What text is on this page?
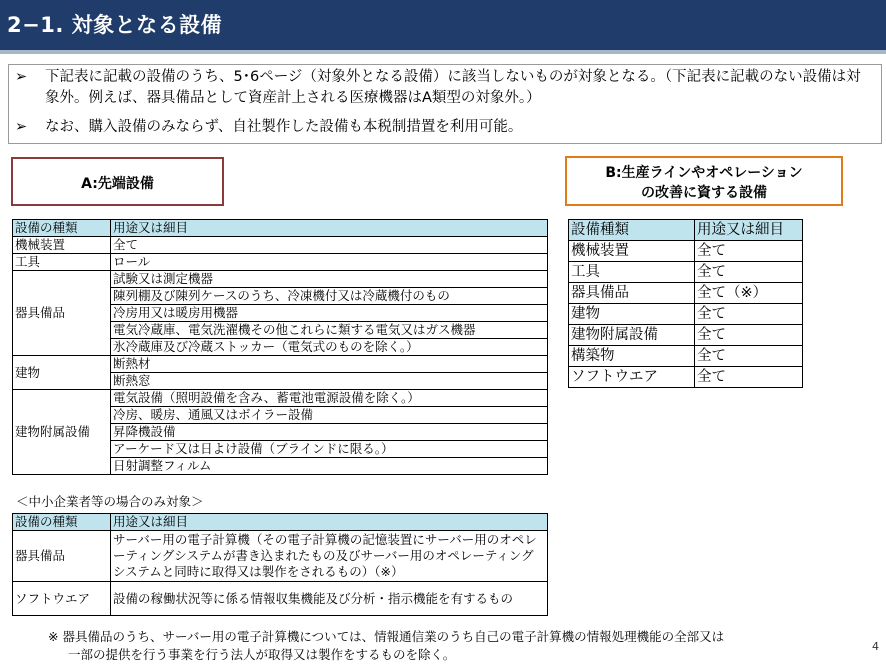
2−1. 対象となる設備
➢	下記表に記載の設備のうち、5･6ページ（対象外となる設備）に該当しないものが対象となる。（下記表に記載のない設備は対象外。例えば、器具備品として資産計上される医療機器はA類型の対象外。）
➢	なお、購入設備のみならず、自社製作した設備も本税制措置を利用可能。
A:先端設備
B:生産ラインやオペレーション
の改善に資する設備
設備の種類	用途又は細目
機械装置	全て
工具	ロール
器具備品	試験又は測定機器
	陳列棚及び陳列ケースのうち、冷凍機付又は冷蔵機付のもの
	冷房用又は暖房用機器
	電気冷蔵庫、電気洗濯機その他これらに類する電気又はガス機器
	氷冷蔵庫及び冷蔵ストッカー（電気式のものを除く。）
建物	断熱材
	断熱窓
建物附属設備	電気設備（照明設備を含み、蓄電池電源設備を除く。）
	冷房、暖房、通風又はボイラー設備
	昇降機設備
	アーケード又は日よけ設備（ブラインドに限る。）
	日射調整フィルム
＜中小企業者等の場合のみ対象＞
設備の種類	用途又は細目
器具備品	サーバー用の電子計算機（その電子計算機の記憶装置にサーバー用のオペレーティングシステムが書き込まれたもの及びサーバー用のオペレーティングシステムと同時に取得又は製作をされるもの）（※）
ソフトウエア	設備の稼働状況等に係る情報収集機能及び分析・指示機能を有するもの
設備種類	用途又は細目
機械装置	全て
工具	全て
器具備品	全て（※）
建物	全て
建物附属設備	全て
構築物	全て
ソフトウエア	全て
※ 器具備品のうち、サーバー用の電子計算機については、情報通信業のうち自己の電子計算機の情報処理機能の全部又は
一部の提供を行う事業を行う法人が取得又は製作をするものを除く。
4
